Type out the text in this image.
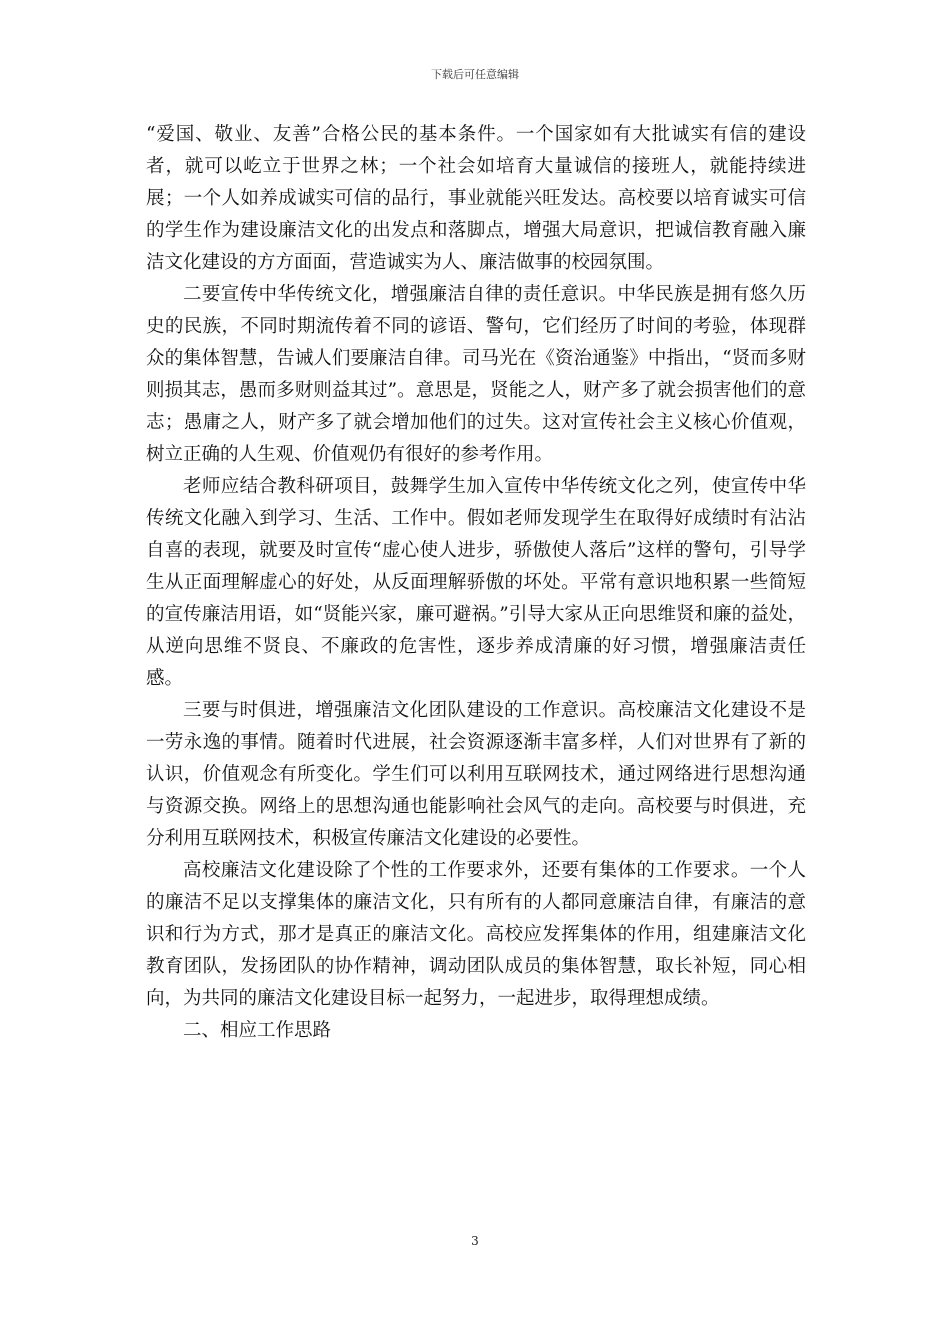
下载后可任意编辑

“爱国、敬业、友善”合格公民的基本条件。一个国家如有大批诚实有信的建设者，就可以屹立于世界之林；一个社会如培育大量诚信的接班人，就能持续进展；一个人如养成诚实可信的品行，事业就能兴旺发达。高校要以培育诚实可信的学生作为建设廉洁文化的出发点和落脚点，增强大局意识，把诚信教育融入廉洁文化建设的方方面面，营造诚实为人、廉洁做事的校园氛围。

二要宣传中华传统文化，增强廉洁自律的责任意识。中华民族是拥有悠久历史的民族，不同时期流传着不同的谚语、警句，它们经历了时间的考验，体现群众的集体智慧，告诫人们要廉洁自律。司马光在《资治通鉴》中指出，“贤而多财则损其志，愚而多财则益其过”。意思是，贤能之人，财产多了就会损害他们的意志；愚庸之人，财产多了就会增加他们的过失。这对宣传社会主义核心价值观，树立正确的人生观、价值观仍有很好的参考作用。

老师应结合教科研项目，鼓舞学生加入宣传中华传统文化之列，使宣传中华传统文化融入到学习、生活、工作中。假如老师发现学生在取得好成绩时有沾沾自喜的表现，就要及时宣传“虚心使人进步，骄傲使人落后”这样的警句，引导学生从正面理解虚心的好处，从反面理解骄傲的坏处。平常有意识地积累一些简短的宣传廉洁用语，如“贤能兴家，廉可避祸。”引导大家从正向思维贤和廉的益处，从逆向思维不贤良、不廉政的危害性，逐步养成清廉的好习惯，增强廉洁责任感。

三要与时俱进，增强廉洁文化团队建设的工作意识。高校廉洁文化建设不是一劳永逸的事情。随着时代进展，社会资源逐渐丰富多样，人们对世界有了新的认识，价值观念有所变化。学生们可以利用互联网技术，通过网络进行思想沟通与资源交换。网络上的思想沟通也能影响社会风气的走向。高校要与时俱进，充分利用互联网技术，积极宣传廉洁文化建设的必要性。

高校廉洁文化建设除了个性的工作要求外，还要有集体的工作要求。一个人的廉洁不足以支撑集体的廉洁文化，只有所有的人都同意廉洁自律，有廉洁的意识和行为方式，那才是真正的廉洁文化。高校应发挥集体的作用，组建廉洁文化教育团队，发扬团队的协作精神，调动团队成员的集体智慧，取长补短，同心相向，为共同的廉洁文化建设目标一起努力，一起进步，取得理想成绩。

二、相应工作思路

3
